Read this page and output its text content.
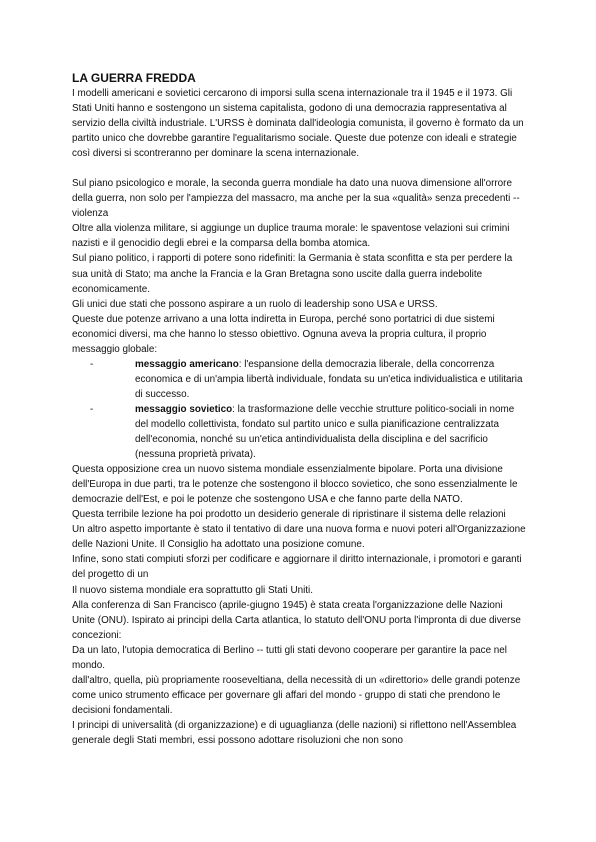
LA GUERRA FREDDA

I modelli americani e sovietici cercarono di imporsi sulla scena internazionale tra il 1945 e il 1973. Gli Stati Uniti hanno e sostengono un sistema capitalista, godono di una democrazia rappresentativa al servizio della civiltà industriale. L'URSS è dominata dall'ideologia comunista, il governo è formato da un partito unico che dovrebbe garantire l'egualitarismo sociale. Queste due potenze con ideali e strategie così diversi si scontreranno per dominare la scena internazionale.

Sul piano psicologico e morale, la seconda guerra mondiale ha dato una nuova dimensione all'orrore della guerra, non solo per l'ampiezza del massacro, ma anche per la sua «qualità» senza precedenti -- violenza

Oltre alla violenza militare, si aggiunge un duplice trauma morale: le spaventose velazioni sui crimini nazisti e il genocidio degli ebrei e la comparsa della bomba atomica.

Sul piano politico, i rapporti di potere sono ridefiniti: la Germania è stata sconfitta e sta per perdere la sua unità di Stato; ma anche la Francia e la Gran Bretagna sono uscite dalla guerra indebolite economicamente.

Gli unici due stati che possono aspirare a un ruolo di leadership sono USA e URSS.

Queste due potenze arrivano a una lotta indiretta in Europa, perché sono portatrici di due sistemi economici diversi, ma che hanno lo stesso obiettivo. Ognuna aveva la propria cultura, il proprio messaggio globale:

-	messaggio americano: l'espansione della democrazia liberale, della concorrenza economica e di un'ampia libertà individuale, fondata su un'etica individualistica e utilitaria di successo.
-	messaggio sovietico: la trasformazione delle vecchie strutture politico-sociali in nome del modello collettivista, fondato sul partito unico e sulla pianificazione centralizzata dell'economia, nonché su un'etica antindividualista della disciplina e del sacrificio (nessuna proprietà privata).

Questa opposizione crea un nuovo sistema mondiale essenzialmente bipolare. Porta una divisione dell'Europa in due parti, tra le potenze che sostengono il blocco sovietico, che sono essenzialmente le democrazie dell'Est, e poi le potenze che sostengono USA e che fanno parte della NATO.

Questa terribile lezione ha poi prodotto un desiderio generale di ripristinare il sistema delle relazioni

Un altro aspetto importante è stato il tentativo di dare una nuova forma e nuovi poteri all'Organizzazione delle Nazioni Unite. Il Consiglio ha adottato una posizione comune.

Infine, sono stati compiuti sforzi per codificare e aggiornare il diritto internazionale, i promotori e garanti del progetto di un

Il nuovo sistema mondiale era soprattutto gli Stati Uniti.

Alla conferenza di San Francisco (aprile-giugno 1945) è stata creata l'organizzazione delle Nazioni Unite (ONU). Ispirato ai principi della Carta atlantica, lo statuto dell'ONU porta l'impronta di due diverse concezioni:

Da un lato, l'utopia democratica di Berlino -- tutti gli stati devono cooperare per garantire la pace nel mondo.

dall'altro, quella, più propriamente rooseveltiana, della necessità di un «direttorio» delle grandi potenze come unico strumento efficace per governare gli affari del mondo - gruppo di stati che prendono le decisioni fondamentali.

I principi di universalità (di organizzazione) e di uguaglianza (delle nazioni) si riflettono nell'Assemblea generale degli Stati membri, essi possono adottare risoluzioni che non sono
